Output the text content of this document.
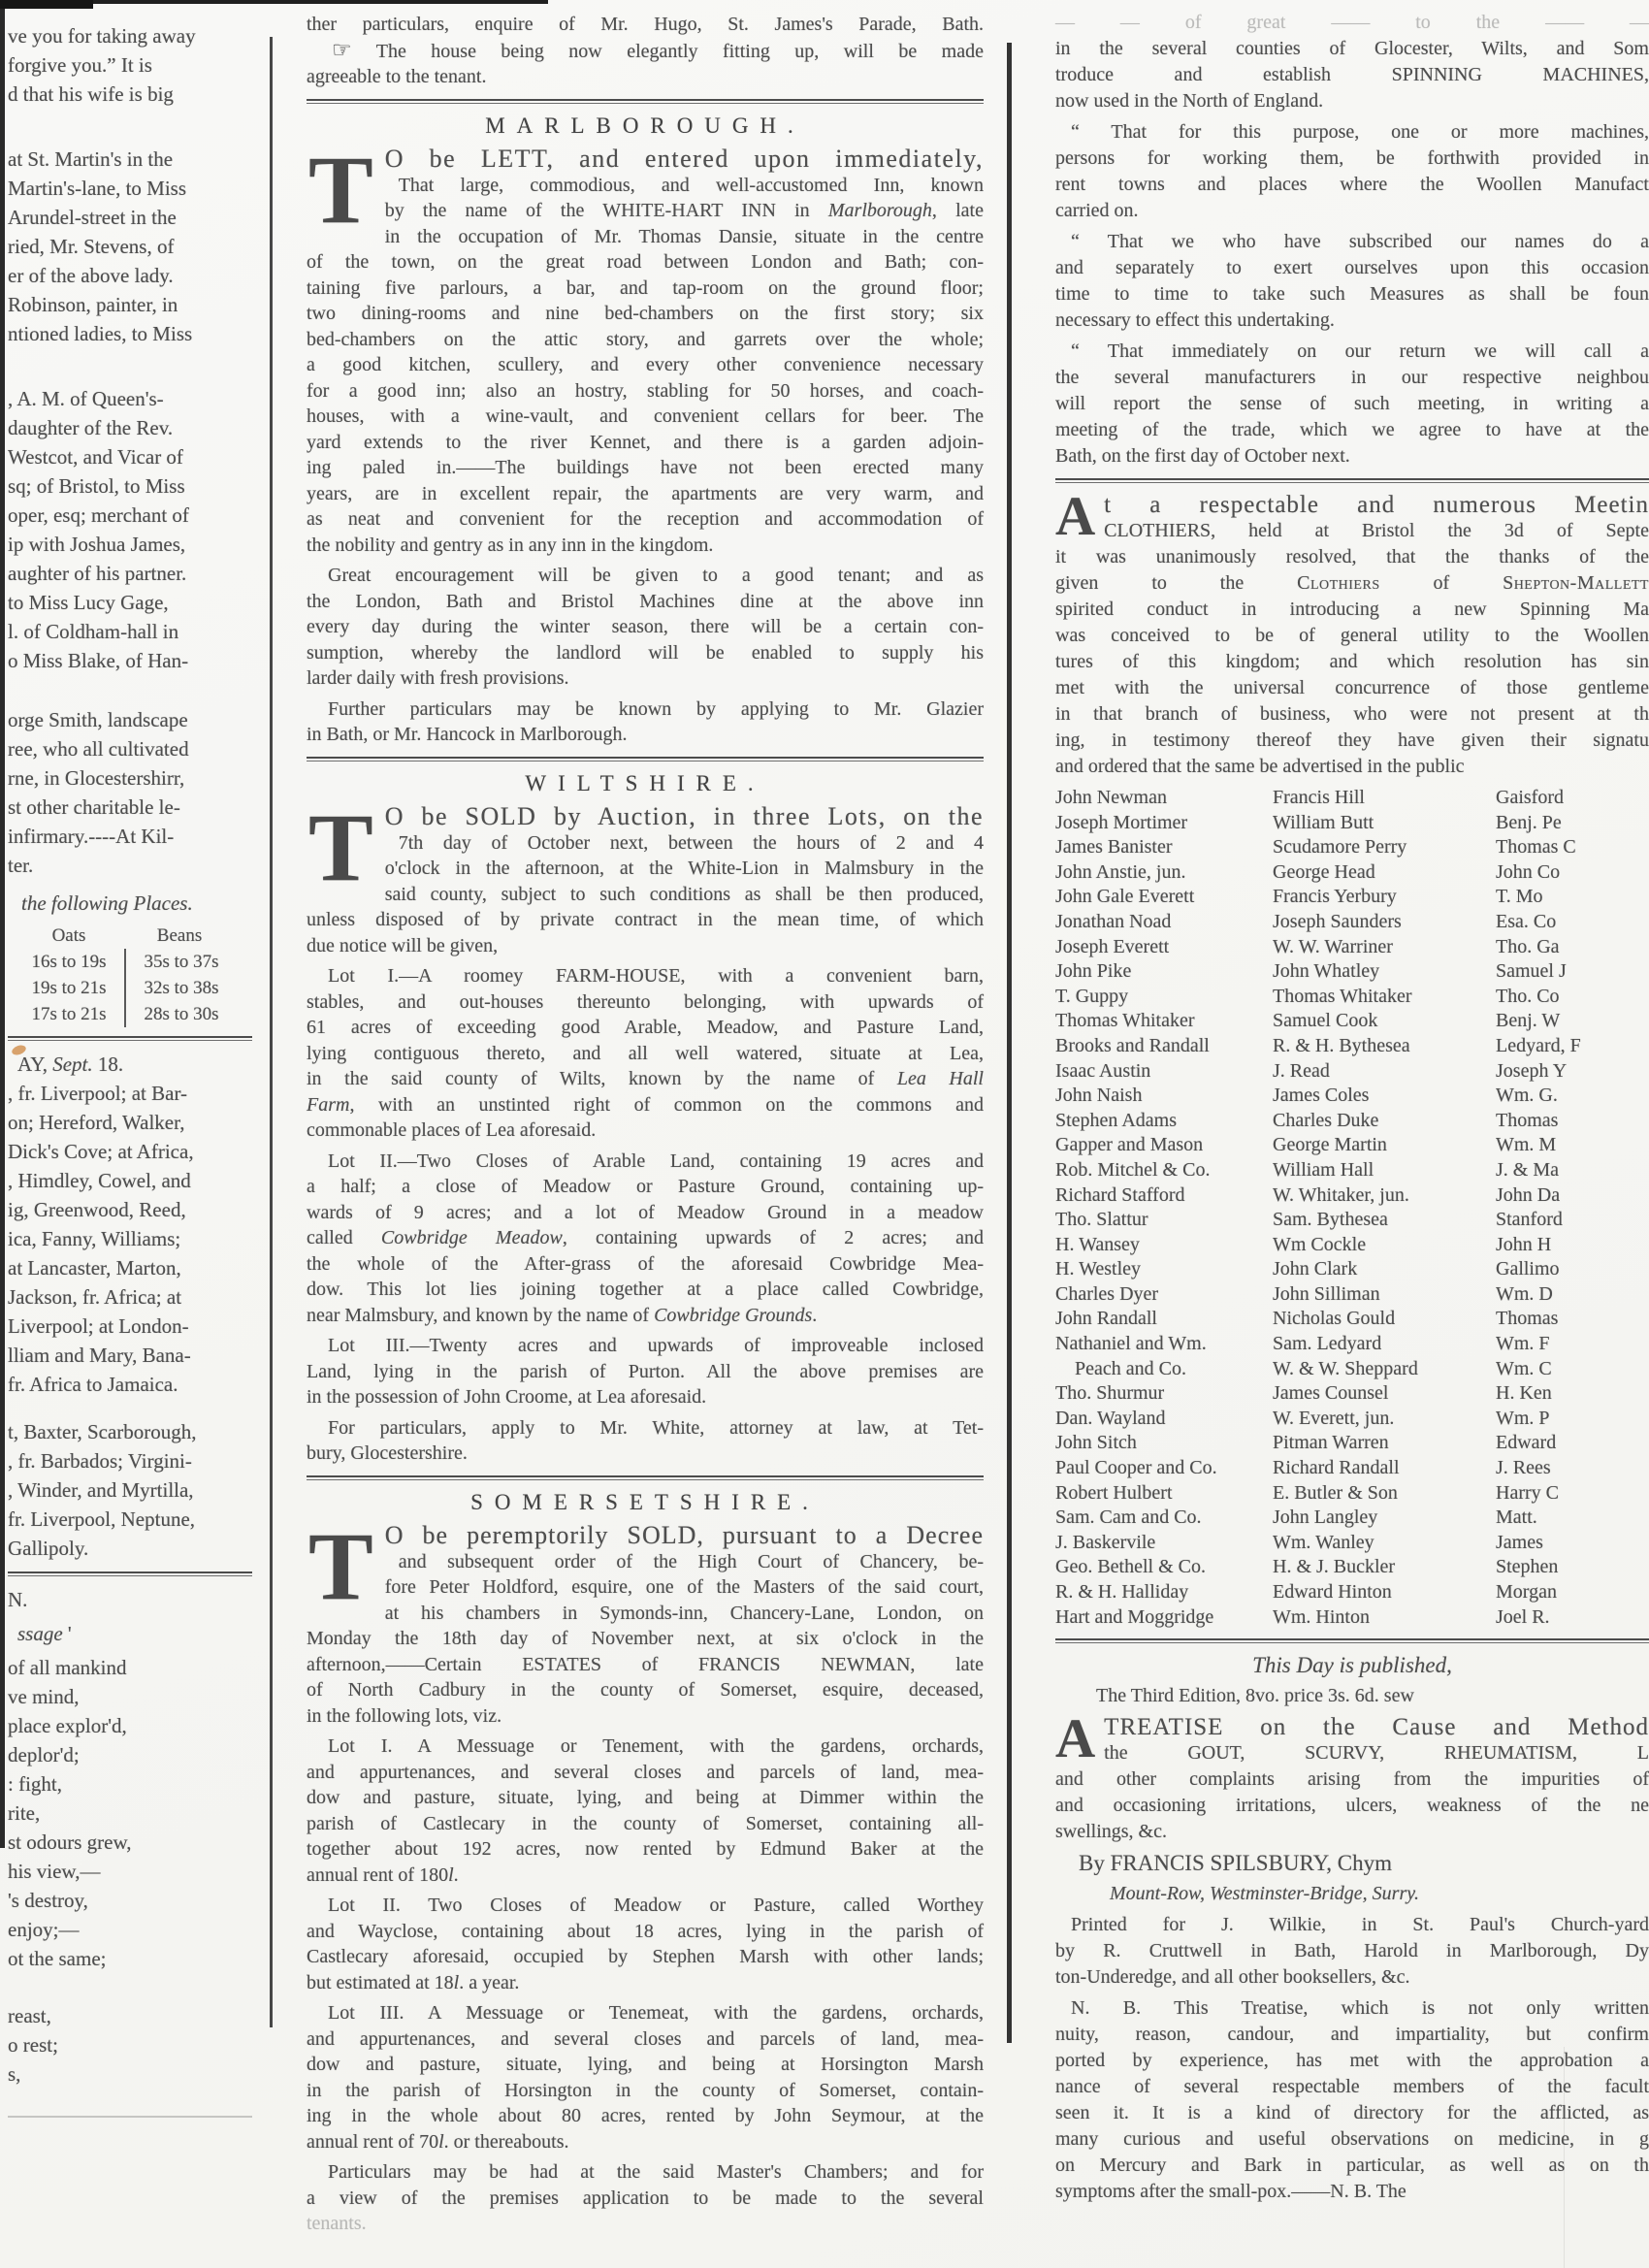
ve you for taking away
forgive you.” It is
d that his wife is big
at St. Martin's in the
Martin's-lane, to Miss
Arundel-street in the
ried, Mr. Stevens, of
er of the above lady.
Robinson, painter, in
ntioned ladies, to Miss
, A. M. of Queen's-
daughter of the Rev.
Westcot, and Vicar of
sq; of Bristol, to Miss
oper, esq; merchant of
ip with Joshua James,
aughter of his partner.
to Miss Lucy Gage,
l. of Coldham-hall in
o Miss Blake, of Han-
orge Smith, landscape
ree, who all cultivated
rne, in Glocestershirr,
st other charitable le-
infirmary.----At Kil-
ter.
the following Places.
Oats	Beans
16s to 19s	35s to 37s
19s to 21s	32s to 38s
17s to 21s	28s to 30s
AY, Sept. 18.
, fr. Liverpool; at Bar-
on; Hereford, Walker,
Dick's Cove; at Africa,
, Himdley, Cowel, and
ig, Greenwood, Reed,
ica, Fanny, Williams;
at Lancaster, Marton,
Jackson, fr. Africa; at
Liverpool; at London-
lliam and Mary, Bana-
fr. Africa to Jamaica.
t, Baxter, Scarborough,
, fr. Barbados; Virgini-
, Winder, and Myrtilla,
fr. Liverpool, Neptune,
Gallipoly.
N.
ssage '
of all mankind
ve mind,
place explor'd,
deplor'd;
: fight,
rite,
st odours grew,
his view,—
's destroy,
enjoy;—
ot the same;
reast,
o rest;
s,
ther particulars, enquire of Mr. Hugo, St. James's Parade, Bath.
☞ The house being now elegantly fitting up, will be made
agreeable to the tenant.
MARLBOROUGH.
T O be LETT, and entered upon immediately,
That large, commodious, and well-accustomed Inn, known
by the name of the WHITE-HART INN in Marlborough, late
in the occupation of Mr. Thomas Dansie, situate in the centre
of the town, on the great road between London and Bath; con-
taining five parlours, a bar, and tap-room on the ground floor;
two dining-rooms and nine bed-chambers on the first story; six
bed-chambers on the attic story, and garrets over the whole;
a good kitchen, scullery, and every other convenience necessary
for a good inn; also an hostry, stabling for 50 horses, and coach-
houses, with a wine-vault, and convenient cellars for beer. The
yard extends to the river Kennet, and there is a garden adjoin-
ing paled in.——The buildings have not been erected many
years, are in excellent repair, the apartments are very warm, and
as neat and convenient for the reception and accommodation of
the nobility and gentry as in any inn in the kingdom.
Great encouragement will be given to a good tenant; and as
the London, Bath and Bristol Machines dine at the above inn
every day during the winter season, there will be a certain con-
sumption, whereby the landlord will be enabled to supply his
larder daily with fresh provisions.
Further particulars may be known by applying to Mr. Glazier
in Bath, or Mr. Hancock in Marlborough.
WILTSHIRE.
T O be SOLD by Auction, in three Lots, on the
7th day of October next, between the hours of 2 and 4
o'clock in the afternoon, at the White-Lion in Malmsbury in the
said county, subject to such conditions as shall be then produced,
unless disposed of by private contract in the mean time, of which
due notice will be given,
Lot I.—A roomey FARM-HOUSE, with a convenient barn,
stables, and out-houses thereunto belonging, with upwards of
61 acres of exceeding good Arable, Meadow, and Pasture Land,
lying contiguous thereto, and all well watered, situate at Lea,
in the said county of Wilts, known by the name of Lea Hall
Farm, with an unstinted right of common on the commons and
commonable places of Lea aforesaid.
Lot II.—Two Closes of Arable Land, containing 19 acres and
a half; a close of Meadow or Pasture Ground, containing up-
wards of 9 acres; and a lot of Meadow Ground in a meadow
called Cowbridge Meadow, containing upwards of 2 acres; and
the whole of the After-grass of the aforesaid Cowbridge Mea-
dow. This lot lies joining together at a place called Cowbridge,
near Malmsbury, and known by the name of Cowbridge Grounds.
Lot III.—Twenty acres and upwards of improveable inclosed
Land, lying in the parish of Purton. All the above premises are
in the possession of John Croome, at Lea aforesaid.
For particulars, apply to Mr. White, attorney at law, at Tet-
bury, Glocestershire.
SOMERSETSHIRE.
T O be peremptorily SOLD, pursuant to a Decree
and subsequent order of the High Court of Chancery, be-
fore Peter Holdford, esquire, one of the Masters of the said court,
at his chambers in Symonds-inn, Chancery-Lane, London, on
Monday the 18th day of November next, at six o'clock in the
afternoon,——Certain ESTATES of FRANCIS NEWMAN, late
of North Cadbury in the county of Somerset, esquire, deceased,
in the following lots, viz.
Lot I. A Messuage or Tenement, with the gardens, orchards,
and appurtenances, and several closes and parcels of land, mea-
dow and pasture, situate, lying, and being at Dimmer within the
parish of Castlecary in the county of Somerset, containing all-
together about 192 acres, now rented by Edmund Baker at the
annual rent of 180l.
Lot II. Two Closes of Meadow or Pasture, called Worthey
and Wayclose, containing about 18 acres, lying in the parish of
Castlecary aforesaid, occupied by Stephen Marsh with other lands;
but estimated at 18l. a year.
Lot III. A Messuage or Tenemeat, with the gardens, orchards,
and appurtenances, and several closes and parcels of land, mea-
dow and pasture, situate, lying, and being at Horsington Marsh
in the parish of Horsington in the county of Somerset, contain-
ing in the whole about 80 acres, rented by John Seymour, at the
annual rent of 70l. or thereabouts.
Particulars may be had at the said Master's Chambers; and for
a view of the premises application to be made to the several
tenants.
— — of great —— to the —— —
in the several counties of Glocester, Wilts, and Som
troduce and establish SPINNING MACHINES,
now used in the North of England.
“ That for this purpose, one or more machines,
persons for working them, be forthwith provided in
rent towns and places where the Woollen Manufact
carried on.
“ That we who have subscribed our names do a
and separately to exert ourselves upon this occasion
time to time to take such Measures as shall be foun
necessary to effect this undertaking.
“ That immediately on our return we will call a
the several manufacturers in our respective neighbou
will report the sense of such meeting, in writing a
meeting of the trade, which we agree to have at the
Bath, on the first day of October next.
A t a respectable and numerous Meetin
CLOTHIERS, held at Bristol the 3d of Septe
it was unanimously resolved, that the thanks of the
given to the Clothiers of Shepton-Mallett
spirited conduct in introducing a new Spinning Ma
was conceived to be of general utility to the Woollen
tures of this kingdom; and which resolution has sin
met with the universal concurrence of those gentleme
in that branch of business, who were not present at th
ing, in testimony thereof they have given their signatu
and ordered that the same be advertised in the public
John Newman	Francis Hill	Gaisford
Joseph Mortimer	William Butt	Benj. Pe
James Banister	Scudamore Perry	Thomas C
John Anstie, jun.	George Head	John Co
John Gale Everett	Francis Yerbury	T. Mo
Jonathan Noad	Joseph Saunders	Esa. Co
Joseph Everett	W. W. Warriner	Tho. Ga
John Pike	John Whatley	Samuel J
T. Guppy	Thomas Whitaker	Tho. Co
Thomas Whitaker	Samuel Cook	Benj. W
Brooks and Randall	R. & H. Bythesea	Ledyard, F
Isaac Austin	J. Read	Joseph Y
John Naish	James Coles	Wm. G.
Stephen Adams	Charles Duke	Thomas
Gapper and Mason	George Martin	Wm. M
Rob. Mitchel & Co.	William Hall	J. & Ma
Richard Stafford	W. Whitaker, jun.	John Da
Tho. Slattur	Sam. Bythesea	Stanford
H. Wansey	Wm Cockle	John H
H. Westley	John Clark	Gallimo
Charles Dyer	John Silliman	Wm. D
John Randall	Nicholas Gould	Thomas
Nathaniel and Wm.	Sam. Ledyard	Wm. F
  Peach and Co.	W. & W. Sheppard	Wm. C
Tho. Shurmur	James Counsel	H. Ken
Dan. Wayland	W. Everett, jun.	Wm. P
John Sitch	Pitman Warren	Edward
Paul Cooper and Co.	Richard Randall	J. Rees
Robert Hulbert	E. Butler & Son	Harry C
Sam. Cam and Co.	John Langley	Matt.
J. Baskervile	Wm. Wanley	James
Geo. Bethell & Co.	H. & J. Buckler	Stephen
R. & H. Halliday	Edward Hinton	Morgan
Hart and Moggridge	Wm. Hinton	Joel R.
This Day is published,
The Third Edition, 8vo. price 3s. 6d. sew
A TREATISE on the Cause and Method
the GOUT, SCURVY, RHEUMATISM, L
and other complaints arising from the impurities of
and occasioning irritations, ulcers, weakness of the ne
swellings, &c.
By FRANCIS SPILSBURY, Chym
Mount-Row, Westminster-Bridge, Surry.
Printed for J. Wilkie, in St. Paul's Church-yard
by R. Cruttwell in Bath, Harold in Marlborough, Dy
ton-Underedge, and all other booksellers, &c.
N. B. This Treatise, which is not only written
nuity, reason, candour, and impartiality, but confirm
ported by experience, has met with the approbation a
nance of several respectable members of the facult
seen it. It is a kind of directory for the afflicted, as
many curious and useful observations on medicine, in g
on Mercury and Bark in particular, as well as on th
symptoms after the small-pox.——N. B. The
